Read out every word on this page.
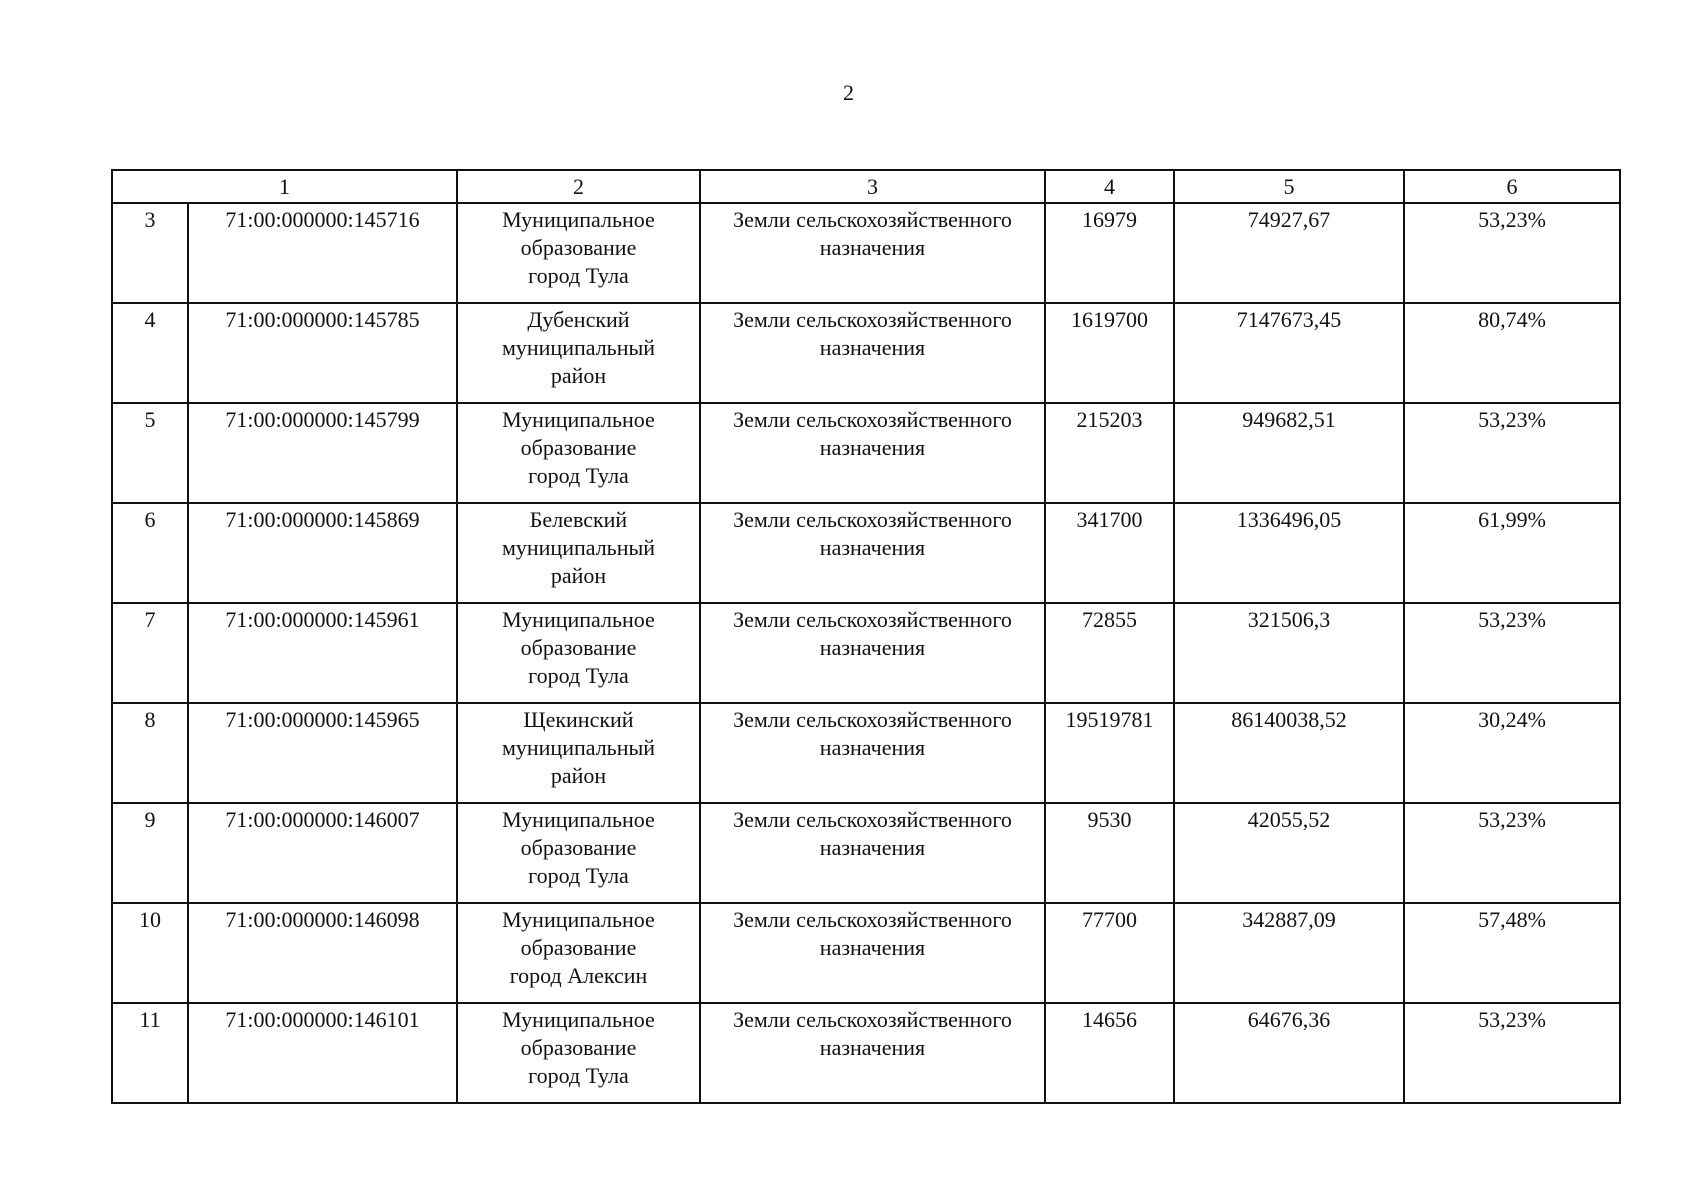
2
1		2	3	4	5	6
3	71:00:000000:145716	Муниципальное
образование
город Тула	Земли сельскохозяйственного
назначения	16979	74927,67	53,23%
4	71:00:000000:145785	Дубенский
муниципальный
район	Земли сельскохозяйственного
назначения	1619700	7147673,45	80,74%
5	71:00:000000:145799	Муниципальное
образование
город Тула	Земли сельскохозяйственного
назначения	215203	949682,51	53,23%
6	71:00:000000:145869	Белевский
муниципальный
район	Земли сельскохозяйственного
назначения	341700	1336496,05	61,99%
7	71:00:000000:145961	Муниципальное
образование
город Тула	Земли сельскохозяйственного
назначения	72855	321506,3	53,23%
8	71:00:000000:145965	Щекинский
муниципальный
район	Земли сельскохозяйственного
назначения	19519781	86140038,52	30,24%
9	71:00:000000:146007	Муниципальное
образование
город Тула	Земли сельскохозяйственного
назначения	9530	42055,52	53,23%
10	71:00:000000:146098	Муниципальное
образование
город Алексин	Земли сельскохозяйственного
назначения	77700	342887,09	57,48%
11	71:00:000000:146101	Муниципальное
образование
город Тула	Земли сельскохозяйственного
назначения	14656	64676,36	53,23%
